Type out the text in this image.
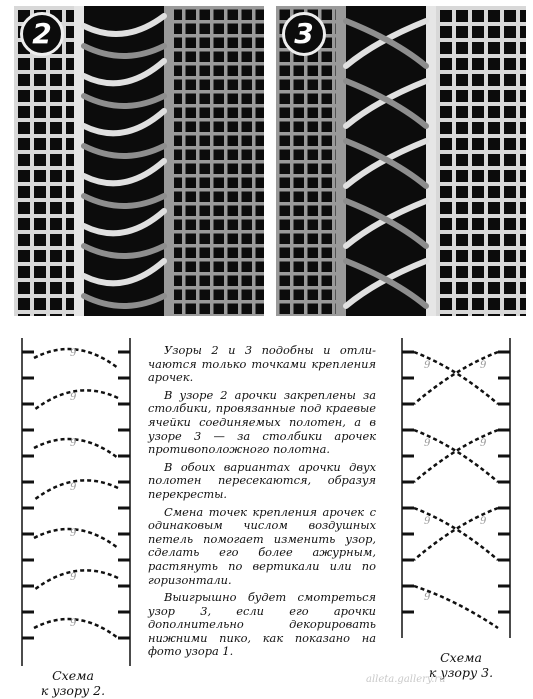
2	3
9
9
9
9
9
9
9

Узоры 2 и 3 подобны и отличаются только точками крепления арочек.

В узоре 2 арочки закреплены за столбики, провязанные под краевые ячейки соединяемых полотен, а в узоре 3 — за столбики арочек противоположного полотна.

В обоих вариантах арочки двух полотен пересекаются, образуя перекресты.

Смена точек крепления арочек с одинаковым числом воздушных петель помогает изменить узор, сделать его более ажурным, растянуть по вертикали или по горизонтали.

Выигрышно будет смотреться узор 3, если его арочки дополнительно декорировать нижними пико, как показано на фото узора 1.

9	9
9	9
9	9
9
Схема
к узору 2.
Схема
к узору 3.
alleta.gallery.ru
